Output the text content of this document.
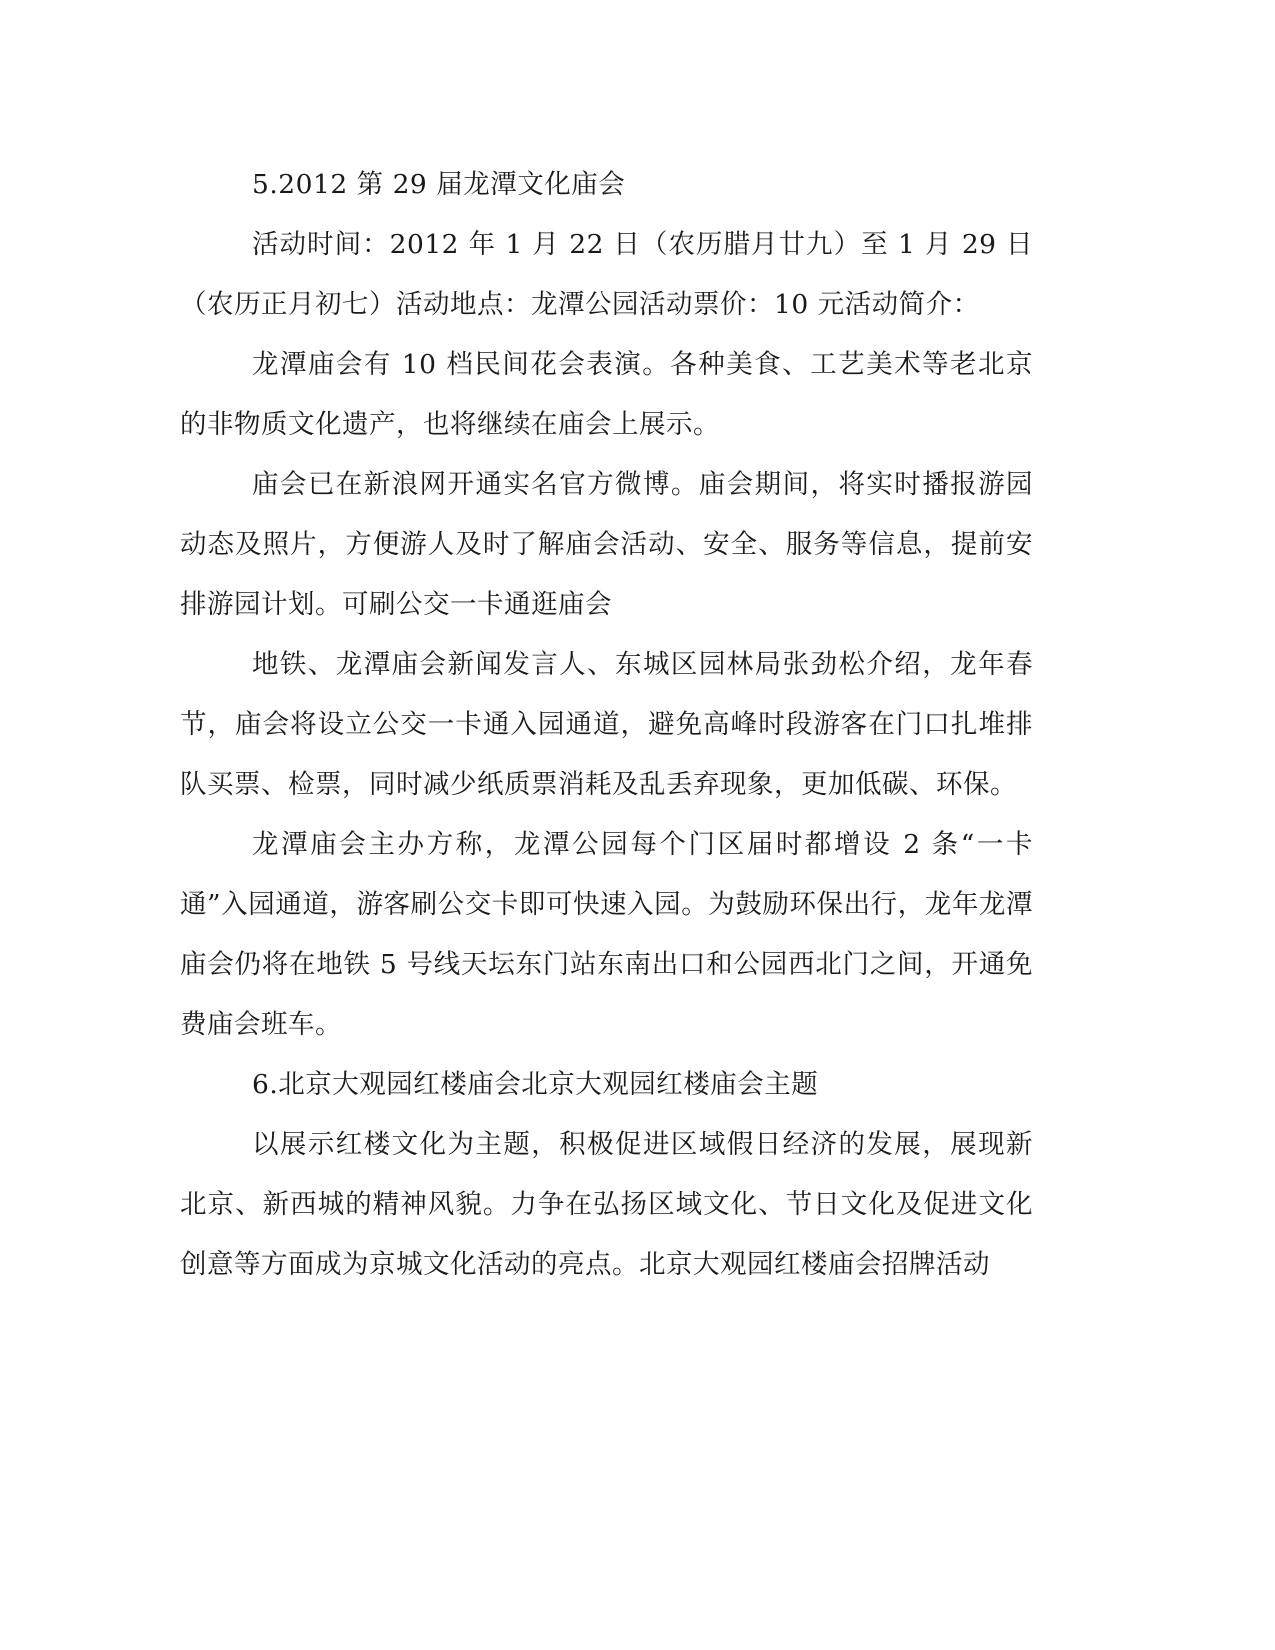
5.2012 第 29 届龙潭文化庙会

活动时间：2012 年 1 月 22 日（农历腊月廿九）至 1 月 29 日（农历正月初七）活动地点：龙潭公园活动票价：10 元活动简介：

龙潭庙会有 10 档民间花会表演。各种美食、工艺美术等老北京的非物质文化遗产，也将继续在庙会上展示。

庙会已在新浪网开通实名官方微博。庙会期间，将实时播报游园动态及照片，方便游人及时了解庙会活动、安全、服务等信息，提前安排游园计划。可刷公交一卡通逛庙会

地铁、龙潭庙会新闻发言人、东城区园林局张劲松介绍，龙年春节，庙会将设立公交一卡通入园通道，避免高峰时段游客在门口扎堆排队买票、检票，同时减少纸质票消耗及乱丢弃现象，更加低碳、环保。

龙潭庙会主办方称，龙潭公园每个门区届时都增设 2 条“一卡通”入园通道，游客刷公交卡即可快速入园。为鼓励环保出行，龙年龙潭庙会仍将在地铁 5 号线天坛东门站东南出口和公园西北门之间，开通免费庙会班车。

6.北京大观园红楼庙会北京大观园红楼庙会主题

以展示红楼文化为主题，积极促进区域假日经济的发展，展现新北京、新西城的精神风貌。力争在弘扬区域文化、节日文化及促进文化创意等方面成为京城文化活动的亮点。北京大观园红楼庙会招牌活动
